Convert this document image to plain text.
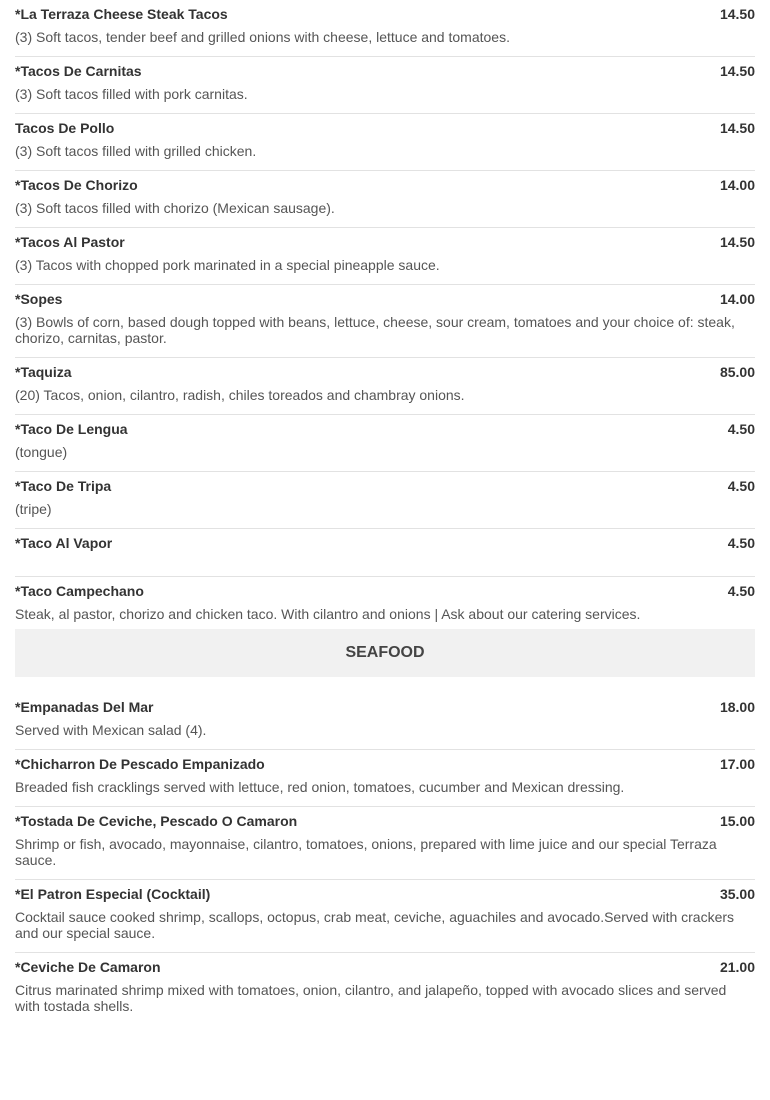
*La Terraza Cheese Steak Tacos	14.50
(3) Soft tacos, tender beef and grilled onions with cheese, lettuce and tomatoes.
*Tacos De Carnitas	14.50
(3) Soft tacos filled with pork carnitas.
Tacos De Pollo	14.50
(3) Soft tacos filled with grilled chicken.
*Tacos De Chorizo	14.00
(3) Soft tacos filled with chorizo (Mexican sausage).
*Tacos Al Pastor	14.50
(3) Tacos with chopped pork marinated in a special pineapple sauce.
*Sopes	14.00
(3) Bowls of corn, based dough topped with beans, lettuce, cheese, sour cream, tomatoes and your choice of: steak, chorizo, carnitas, pastor.
*Taquiza	85.00
(20) Tacos, onion, cilantro, radish, chiles toreados and chambray onions.
*Taco De Lengua	4.50
(tongue)
*Taco De Tripa	4.50
(tripe)
*Taco Al Vapor	4.50
*Taco Campechano	4.50
Steak, al pastor, chorizo and chicken taco. With cilantro and onions | Ask about our catering services.
SEAFOOD
*Empanadas Del Mar	18.00
Served with Mexican salad (4).
*Chicharron De Pescado Empanizado	17.00
Breaded fish cracklings served with lettuce, red onion, tomatoes, cucumber and Mexican dressing.
*Tostada De Ceviche, Pescado O Camaron	15.00
Shrimp or fish, avocado, mayonnaise, cilantro, tomatoes, onions, prepared with lime juice and our special Terraza sauce.
*El Patron Especial (Cocktail)	35.00
Cocktail sauce cooked shrimp, scallops, octopus, crab meat, ceviche, aguachiles and avocado.Served with crackers and our special sauce.
*Ceviche De Camaron	21.00
Citrus marinated shrimp mixed with tomatoes, onion, cilantro, and jalapeño, topped with avocado slices and served with tostada shells.
